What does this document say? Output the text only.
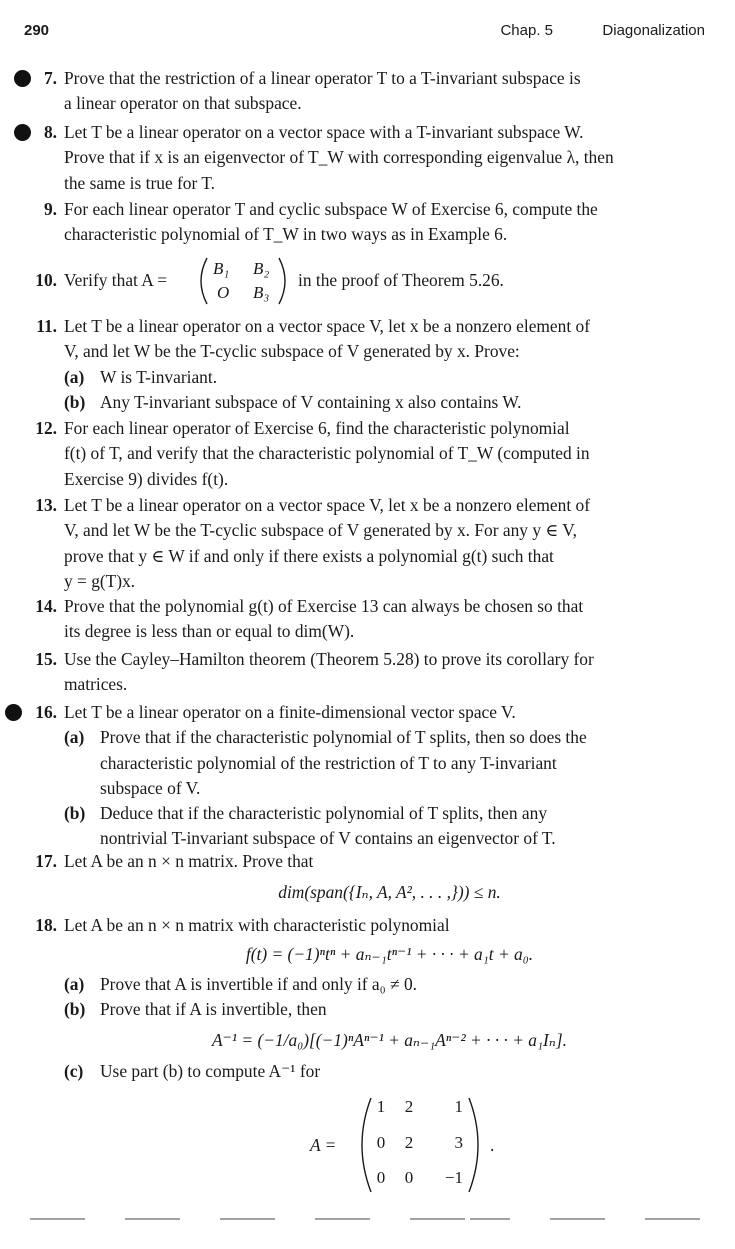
290	Chap. 5	Diagonalization
7. Prove that the restriction of a linear operator T to a T-invariant subspace is
a linear operator on that subspace.
8. Let T be a linear operator on a vector space with a T-invariant subspace W.
Prove that if x is an eigenvector of T_W with corresponding eigenvalue λ, then
the same is true for T.
9. For each linear operator T and cyclic subspace W of Exercise 6, compute the
characteristic polynomial of T_W in two ways as in Example 6.
10. Verify that A =
B₁ B₂
O B₃
in the proof of Theorem 5.26.
11. Let T be a linear operator on a vector space V, let x be a nonzero element of
V, and let W be the T-cyclic subspace of V generated by x. Prove:
(a) W is T-invariant.
(b) Any T-invariant subspace of V containing x also contains W.
12. For each linear operator of Exercise 6, find the characteristic polynomial
f(t) of T, and verify that the characteristic polynomial of T_W (computed in
Exercise 9) divides f(t).
13. Let T be a linear operator on a vector space V, let x be a nonzero element of
V, and let W be the T-cyclic subspace of V generated by x. For any y ∈ V,
prove that y ∈ W if and only if there exists a polynomial g(t) such that
y = g(T)x.
14. Prove that the polynomial g(t) of Exercise 13 can always be chosen so that
its degree is less than or equal to dim(W).
15. Use the Cayley–Hamilton theorem (Theorem 5.28) to prove its corollary for
matrices.
16. Let T be a linear operator on a finite-dimensional vector space V.
(a) Prove that if the characteristic polynomial of T splits, then so does the
characteristic polynomial of the restriction of T to any T-invariant
subspace of V.
(b) Deduce that if the characteristic polynomial of T splits, then any
nontrivial T-invariant subspace of V contains an eigenvector of T.
17. Let A be an n × n matrix. Prove that
dim(span({Iₙ, A, A², . . . ,})) ≤ n.
18. Let A be an n × n matrix with characteristic polynomial
f(t) = (−1)ⁿtⁿ + aₙ₋₁tⁿ⁻¹ + · · · + a₁t + a₀.
(a) Prove that A is invertible if and only if a₀ ≠ 0.
(b) Prove that if A is invertible, then
A⁻¹ = (−1/a₀)[(−1)ⁿAⁿ⁻¹ + aₙ₋₁Aⁿ⁻² + · · · + a₁Iₙ].
(c) Use part (b) to compute A⁻¹ for
A =
1	2	1
0	2	3
0	0	−1
.
